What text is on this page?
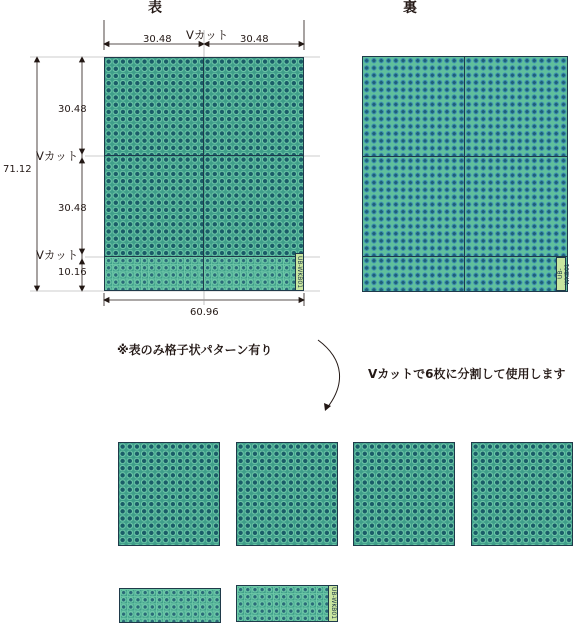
表	裏
30.48 Vカット 30.48
30.48
Vカット
71.12
30.48
Vカット
10.16
60.96
UB-WKB01	UB-WKB01
※表のみ格子状パターン有り
Vカットで6枚に分割して使用します
UB-WKB01
